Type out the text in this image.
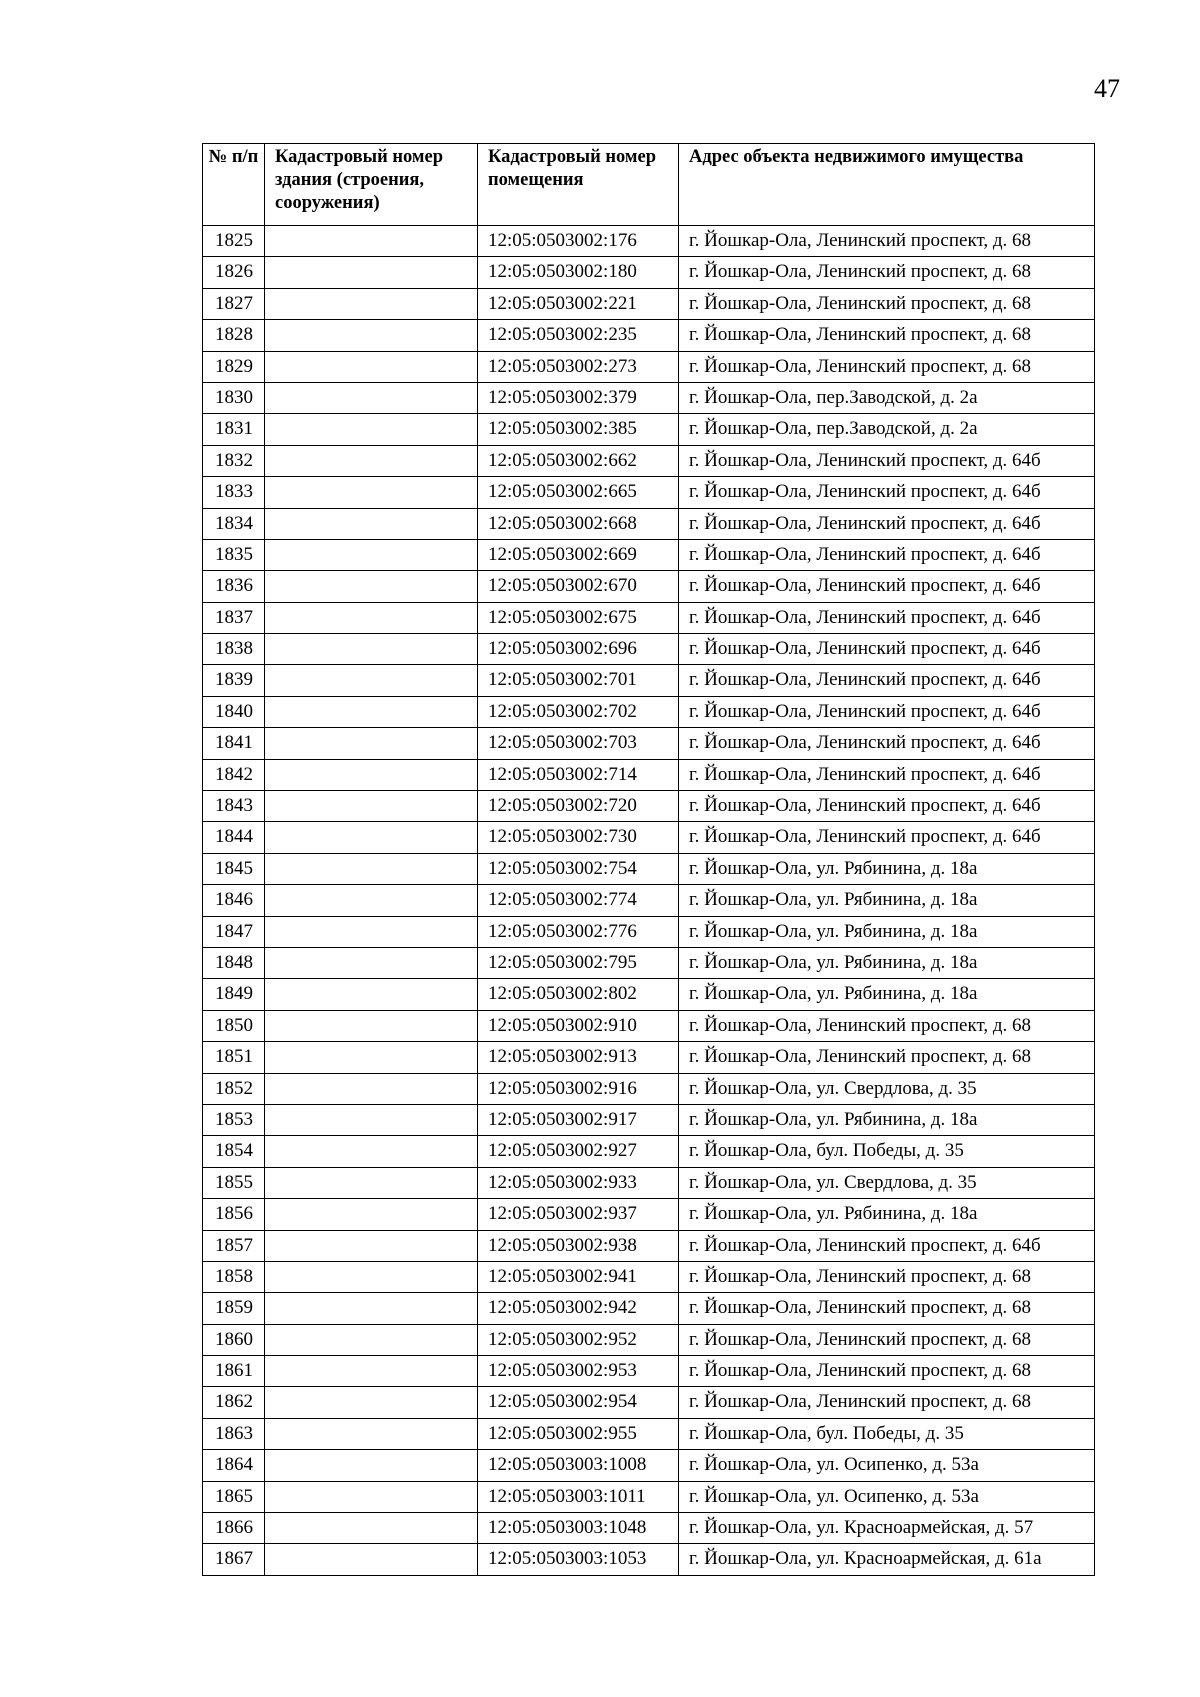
47
№ п/п	Кадастровый номер здания (строения, сооружения)	Кадастровый номер помещения	Адрес объекта недвижимого имущества
1825		12:05:0503002:176	г. Йошкар-Ола, Ленинский проспект, д. 68
1826		12:05:0503002:180	г. Йошкар-Ола, Ленинский проспект, д. 68
1827		12:05:0503002:221	г. Йошкар-Ола, Ленинский проспект, д. 68
1828		12:05:0503002:235	г. Йошкар-Ола, Ленинский проспект, д. 68
1829		12:05:0503002:273	г. Йошкар-Ола, Ленинский проспект, д. 68
1830		12:05:0503002:379	г. Йошкар-Ола, пер.Заводской, д. 2а
1831		12:05:0503002:385	г. Йошкар-Ола, пер.Заводской, д. 2а
1832		12:05:0503002:662	г. Йошкар-Ола, Ленинский проспект, д. 64б
1833		12:05:0503002:665	г. Йошкар-Ола, Ленинский проспект, д. 64б
1834		12:05:0503002:668	г. Йошкар-Ола, Ленинский проспект, д. 64б
1835		12:05:0503002:669	г. Йошкар-Ола, Ленинский проспект, д. 64б
1836		12:05:0503002:670	г. Йошкар-Ола, Ленинский проспект, д. 64б
1837		12:05:0503002:675	г. Йошкар-Ола, Ленинский проспект, д. 64б
1838		12:05:0503002:696	г. Йошкар-Ола, Ленинский проспект, д. 64б
1839		12:05:0503002:701	г. Йошкар-Ола, Ленинский проспект, д. 64б
1840		12:05:0503002:702	г. Йошкар-Ола, Ленинский проспект, д. 64б
1841		12:05:0503002:703	г. Йошкар-Ола, Ленинский проспект, д. 64б
1842		12:05:0503002:714	г. Йошкар-Ола, Ленинский проспект, д. 64б
1843		12:05:0503002:720	г. Йошкар-Ола, Ленинский проспект, д. 64б
1844		12:05:0503002:730	г. Йошкар-Ола, Ленинский проспект, д. 64б
1845		12:05:0503002:754	г. Йошкар-Ола, ул. Рябинина, д. 18а
1846		12:05:0503002:774	г. Йошкар-Ола, ул. Рябинина, д. 18а
1847		12:05:0503002:776	г. Йошкар-Ола, ул. Рябинина, д. 18а
1848		12:05:0503002:795	г. Йошкар-Ола, ул. Рябинина, д. 18а
1849		12:05:0503002:802	г. Йошкар-Ола, ул. Рябинина, д. 18а
1850		12:05:0503002:910	г. Йошкар-Ола, Ленинский проспект, д. 68
1851		12:05:0503002:913	г. Йошкар-Ола, Ленинский проспект, д. 68
1852		12:05:0503002:916	г. Йошкар-Ола, ул. Свердлова, д. 35
1853		12:05:0503002:917	г. Йошкар-Ола, ул. Рябинина, д. 18а
1854		12:05:0503002:927	г. Йошкар-Ола, бул. Победы, д. 35
1855		12:05:0503002:933	г. Йошкар-Ола, ул. Свердлова, д. 35
1856		12:05:0503002:937	г. Йошкар-Ола, ул. Рябинина, д. 18а
1857		12:05:0503002:938	г. Йошкар-Ола, Ленинский проспект, д. 64б
1858		12:05:0503002:941	г. Йошкар-Ола, Ленинский проспект, д. 68
1859		12:05:0503002:942	г. Йошкар-Ола, Ленинский проспект, д. 68
1860		12:05:0503002:952	г. Йошкар-Ола, Ленинский проспект, д. 68
1861		12:05:0503002:953	г. Йошкар-Ола, Ленинский проспект, д. 68
1862		12:05:0503002:954	г. Йошкар-Ола, Ленинский проспект, д. 68
1863		12:05:0503002:955	г. Йошкар-Ола, бул. Победы, д. 35
1864		12:05:0503003:1008	г. Йошкар-Ола, ул. Осипенко, д. 53а
1865		12:05:0503003:1011	г. Йошкар-Ола, ул. Осипенко, д. 53а
1866		12:05:0503003:1048	г. Йошкар-Ола, ул. Красноармейская, д. 57
1867		12:05:0503003:1053	г. Йошкар-Ола, ул. Красноармейская, д. 61а
